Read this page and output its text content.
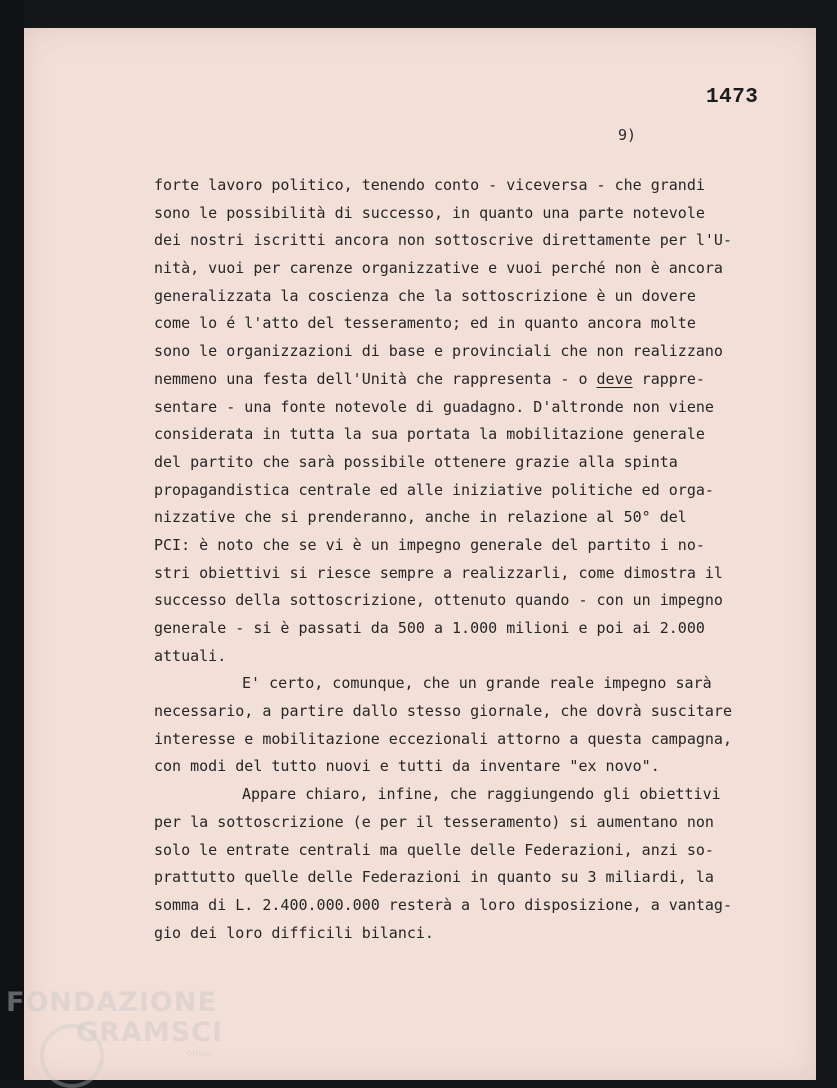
1473

9)

forte lavoro politico, tenendo conto - viceversa - che grandi
sono le possibilità di successo, in quanto una parte notevole
dei nostri iscritti ancora non sottoscrive direttamente per l'U-
nità, vuoi per carenze organizzative e vuoi perché non è ancora
generalizzata la coscienza che la sottoscrizione è un dovere
come lo é l'atto del tesseramento; ed in quanto ancora molte
sono le organizzazioni di base e provinciali che non realizzano
nemmeno una festa dell'Unità che rappresenta - o deve rappre-
sentare - una fonte notevole di guadagno. D'altronde non viene
considerata in tutta la sua portata la mobilitazione generale
del partito che sarà possibile ottenere grazie alla spinta
propagandistica centrale ed alle iniziative politiche ed orga-
nizzative che si prenderanno, anche in relazione al 50° del
PCI: è noto che se vi è un impegno generale del partito i no-
stri obiettivi si riesce sempre a realizzarli, come dimostra il
successo della sottoscrizione, ottenuto quando - con un impegno
generale - si è passati da 500 a 1.000 milioni e poi ai 2.000
attuali.
E' certo, comunque, che un grande reale impegno sarà
necessario, a partire dallo stesso giornale, che dovrà suscitare
interesse e mobilitazione eccezionali attorno a questa campagna,
con modi del tutto nuovi e tutti da inventare "ex novo".
Appare chiaro, infine, che raggiungendo gli obiettivi
per la sottoscrizione (e per il tesseramento) si aumentano non
solo le entrate centrali ma quelle delle Federazioni, anzi so-
prattutto quelle delle Federazioni in quanto su 3 miliardi, la
somma di L. 2.400.000.000 resterà a loro disposizione, a vantag-
gio dei loro difficili bilanci.
FONDAZIONE
GRAMSCI
onlus
